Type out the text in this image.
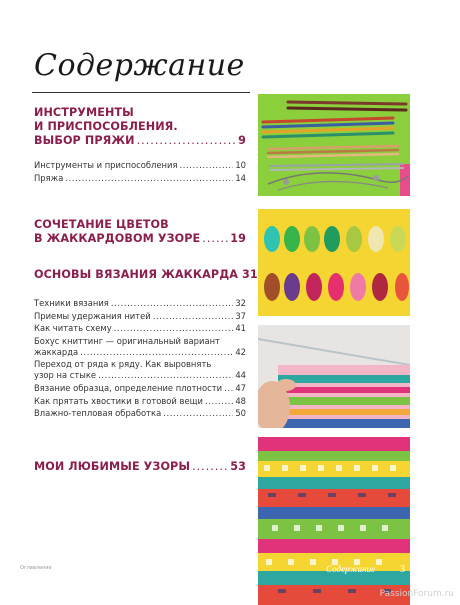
Содержание
ИНСТРУМЕНТЫ
И ПРИСПОСОБЛЕНИЯ.
ВЫБОР ПРЯЖИ .....	9
Инструменты и приспособления .....	10
Пряжа .....	14
СОЧЕТАНИЕ ЦВЕТОВ
В ЖАККАРДОВОМ УЗОРЕ .....	19
ОСНОВЫ ВЯЗАНИЯ ЖАККАРДА 31
Техники вязания .....	32
Приемы удержания нитей .....	37
Как читать схему .....	41
Бохус книттинг — оригинальный вариант
жаккарда .....	42
Переход от ряда к ряду. Как выровнять
узор на стыке .....	44
Вязание образца, определение плотности ..... 47
Как прятать хвостики в готовой вещи .....	48
Влажно-тепловая обработка .....	50
МОИ ЛЮБИМЫЕ УЗОРЫ .....	53
Оглавление	Содержание 3
PassionForum.ru
